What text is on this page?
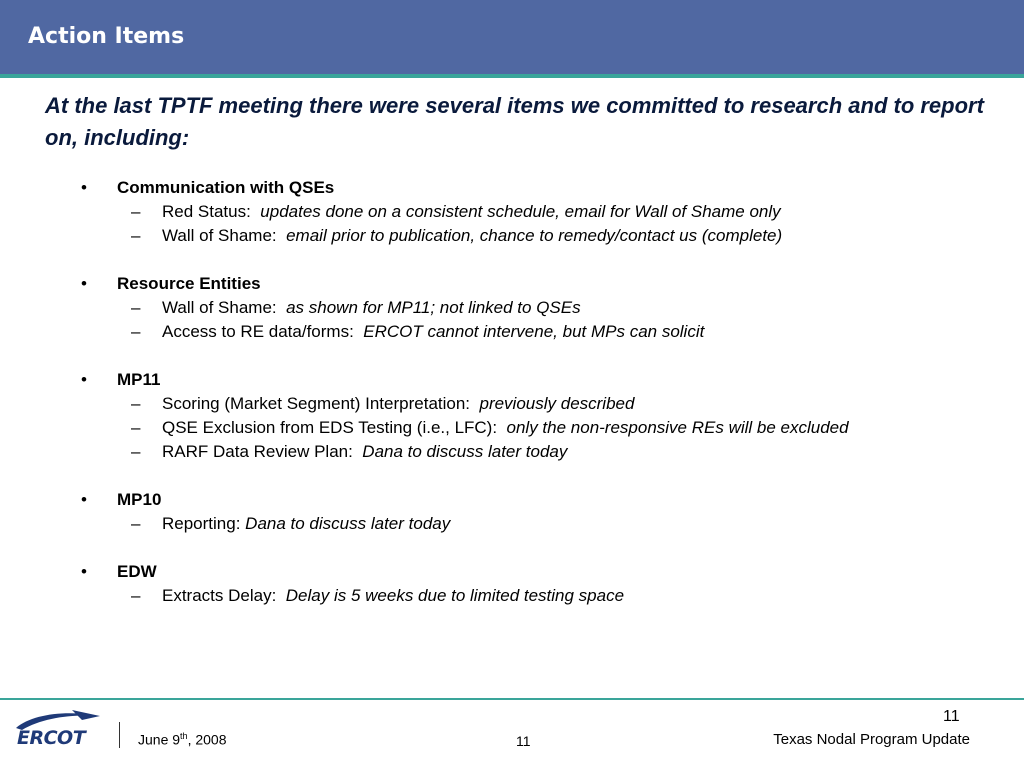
Action Items
At the last TPTF meeting there were several items we committed to research and to report on, including:
• Communication with QSEs
– Red Status:  updates done on a consistent schedule, email for Wall of Shame only
– Wall of Shame:  email prior to publication, chance to remedy/contact us (complete)
• Resource Entities
– Wall of Shame:  as shown for MP11; not linked to QSEs
– Access to RE data/forms:  ERCOT cannot intervene, but MPs can solicit
• MP11
– Scoring (Market Segment) Interpretation:  previously described
– QSE Exclusion from EDS Testing (i.e., LFC):  only the non-responsive REs will be excluded
– RARF Data Review Plan:  Dana to discuss later today
• MP10
– Reporting: Dana to discuss later today
• EDW
– Extracts Delay:  Delay is 5 weeks due to limited testing space
ERCOT	June 9th, 2008
11
11	Texas Nodal Program Update
